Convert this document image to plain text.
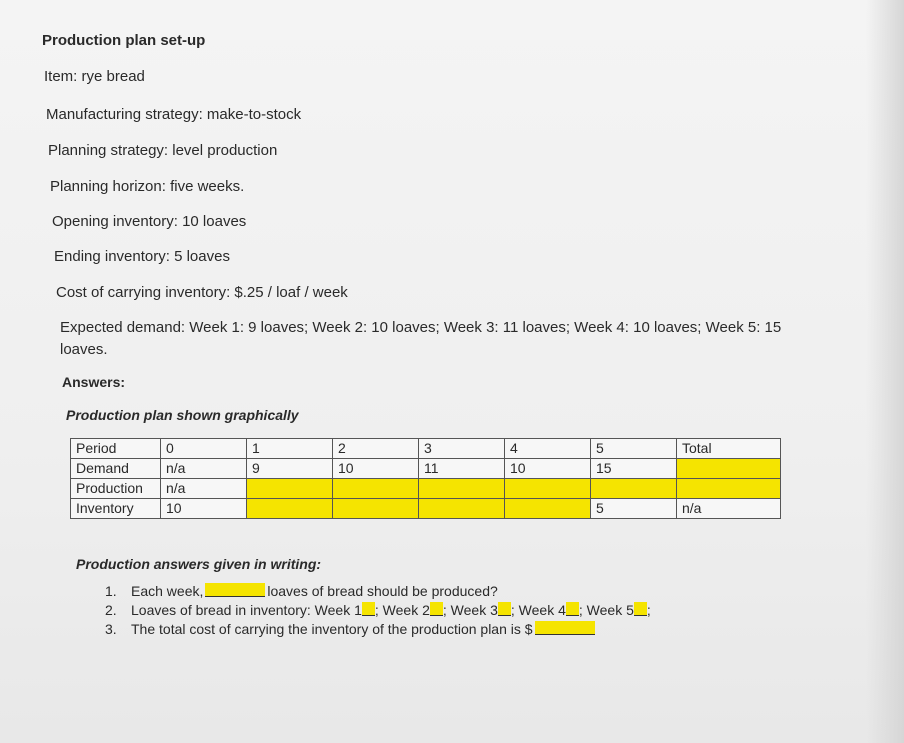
Production plan set-up
Item: rye bread
Manufacturing strategy: make-to-stock
Planning strategy: level production
Planning horizon: five weeks.
Opening inventory: 10 loaves
Ending inventory: 5 loaves
Cost of carrying inventory: $.25 / loaf / week
Expected demand: Week 1: 9 loaves; Week 2: 10 loaves; Week 3: 11 loaves; Week 4: 10 loaves; Week 5: 15 loaves.
Answers:
Production plan shown graphically
Period	0	1	2	3	4	5	Total
Demand	n/a	9	10	11	10	15	
Production	n/a						
Inventory	10					5	n/a
Production answers given in writing:
1. Each week,	loaves of bread should be produced?
2. Loaves of bread in inventory: Week 1 ; Week 2 ; Week 3 ; Week 4 ; Week 5 ;
3. The total cost of carrying the inventory of the production plan is $
